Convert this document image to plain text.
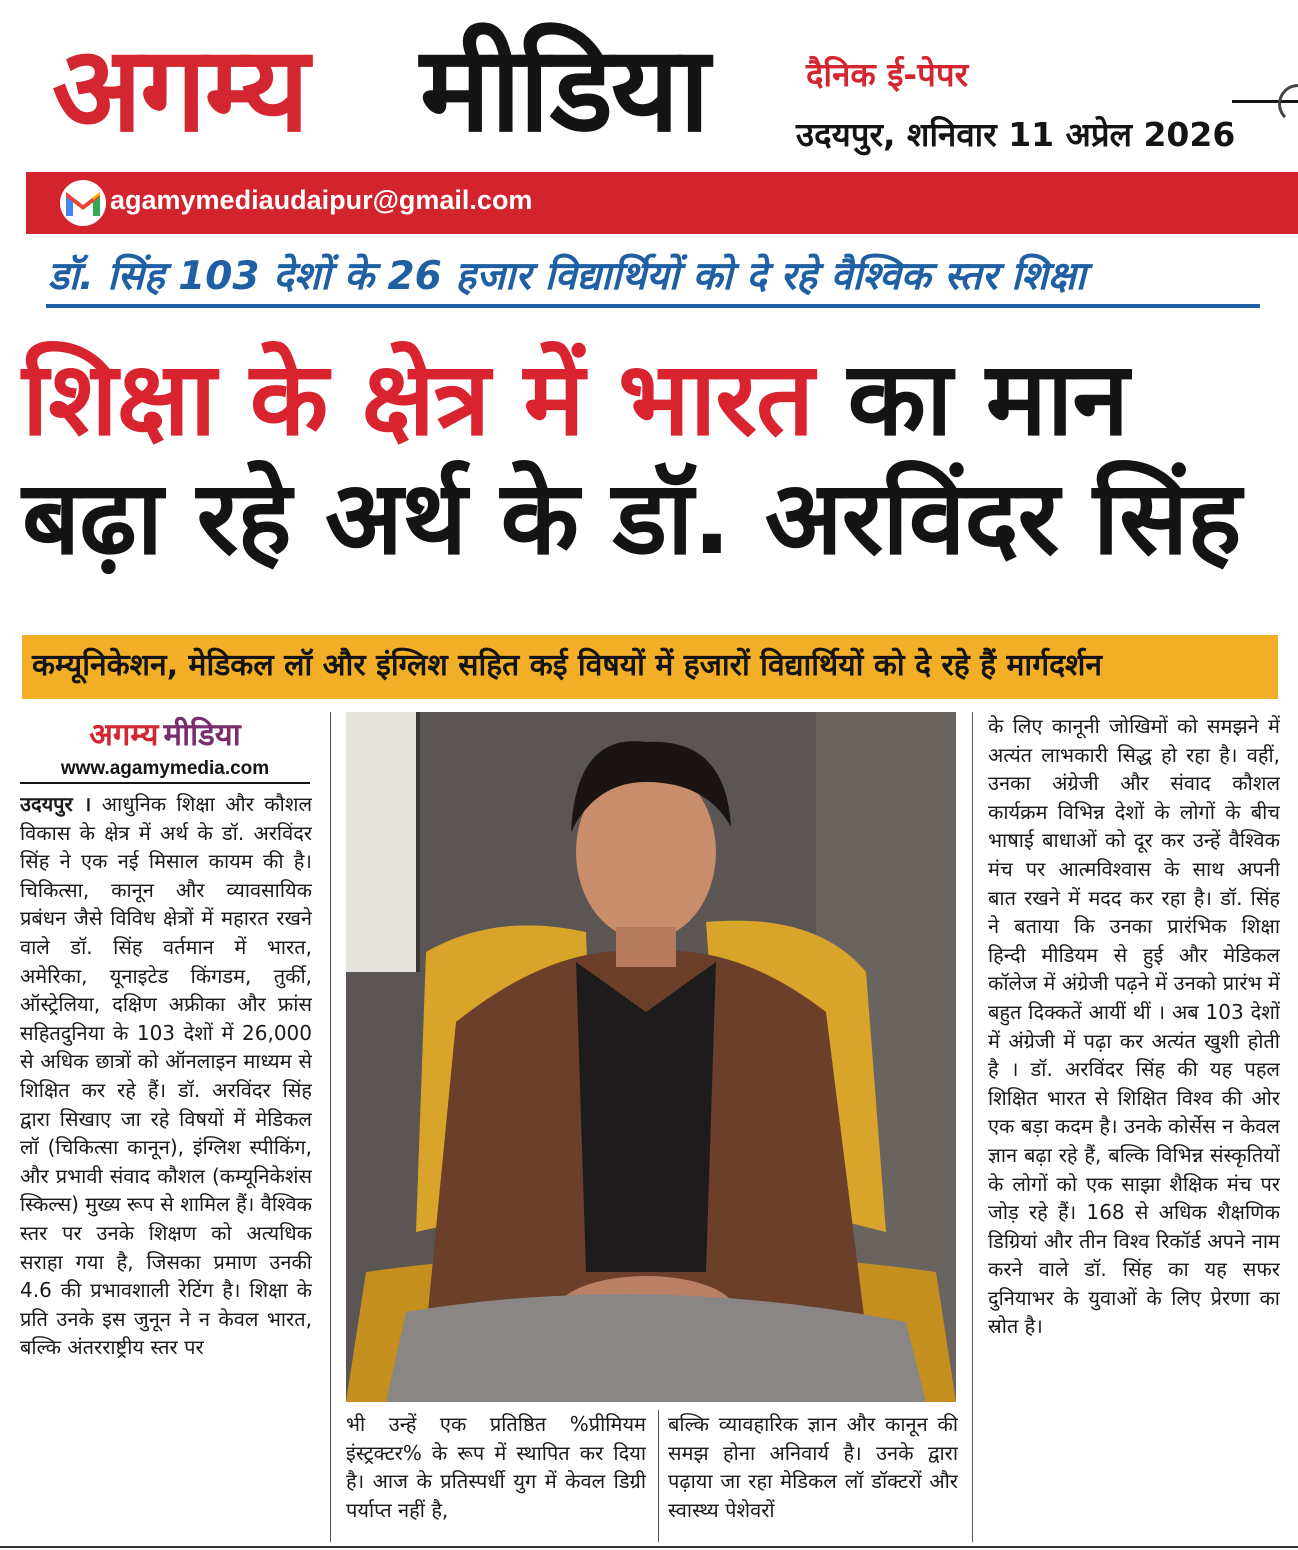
अगम्य मीडिया	दैनिक ई-पेपर
उदयपुर, शनिवार 11 अप्रेल 2026
agamymediaudaipur@gmail.com
डॉ. सिंह 103 देशों के 26 हजार विद्यार्थियों को दे रहे वैश्विक स्तर शिक्षा
शिक्षा के क्षेत्र में भारत का मान
बढ़ा रहे अर्थ के डॉ. अरविंदर सिंह
कम्यूनिकेशन, मेडिकल लॉ और इंग्लिश सहित कई विषयों में हजारों विद्यार्थियों को दे रहे हैं मार्गदर्शन
अगम्य मीडिया
www.agamymedia.com
उदयपुर । आधुनिक शिक्षा और कौशल विकास के क्षेत्र में अर्थ के डॉ. अरविंदर सिंह ने एक नई मिसाल कायम की है। चिकित्सा, कानून और व्यावसायिक प्रबंधन जैसे विविध क्षेत्रों में महारत रखने वाले डॉ. सिंह वर्तमान में भारत, अमेरिका, यूनाइटेड किंगडम, तुर्की, ऑस्ट्रेलिया, दक्षिण अफ्रीका और फ्रांस सहितदुनिया के 103 देशों में 26,000 से अधिक छात्रों को ऑनलाइन माध्यम से शिक्षित कर रहे हैं। डॉ. अरविंदर सिंह द्वारा सिखाए जा रहे विषयों में मेडिकल लॉ (चिकित्सा कानून), इंग्लिश स्पीकिंग, और प्रभावी संवाद कौशल (कम्यूनिकेशंस स्किल्स) मुख्य रूप से शामिल हैं। वैश्विक स्तर पर उनके शिक्षण को अत्यधिक सराहा गया है, जिसका प्रमाण उनकी 4.6 की प्रभावशाली रेटिंग है। शिक्षा के प्रति उनके इस जुनून ने न केवल भारत, बल्कि अंतरराष्ट्रीय स्तर पर
भी उन्हें एक प्रतिष्ठित %प्रीमियम इंस्ट्रक्टर% के रूप में स्थापित कर दिया है। आज के प्रतिस्पर्धी युग में केवल डिग्री पर्याप्त नहीं है,
बल्कि व्यावहारिक ज्ञान और कानून की समझ होना अनिवार्य है। उनके द्वारा पढ़ाया जा रहा मेडिकल लॉ डॉक्टरों और स्वास्थ्य पेशेवरों
के लिए कानूनी जोखिमों को समझने में अत्यंत लाभकारी सिद्ध हो रहा है। वहीं, उनका अंग्रेजी और संवाद कौशल कार्यक्रम विभिन्न देशों के लोगों के बीच भाषाई बाधाओं को दूर कर उन्हें वैश्विक मंच पर आत्मविश्वास के साथ अपनी बात रखने में मदद कर रहा है। डॉ. सिंह ने बताया कि उनका प्रारंभिक शिक्षा हिन्दी मीडियम से हुई और मेडिकल कॉलेज में अंग्रेजी पढ़ने में उनको प्रारंभ में बहुत दिक्कतें आयीं थीं । अब 103 देशों में अंग्रेजी में पढ़ा कर अत्यंत खुशी होती है । डॉ. अरविंदर सिंह की यह पहल शिक्षित भारत से शिक्षित विश्व की ओर एक बड़ा कदम है। उनके कोर्सेस न केवल ज्ञान बढ़ा रहे हैं, बल्कि विभिन्न संस्कृतियों के लोगों को एक साझा शैक्षिक मंच पर जोड़ रहे हैं। 168 से अधिक शैक्षणिक डिग्रियां और तीन विश्व रिकॉर्ड अपने नाम करने वाले डॉ. सिंह का यह सफर दुनियाभर के युवाओं के लिए प्रेरणा का स्रोत है।
